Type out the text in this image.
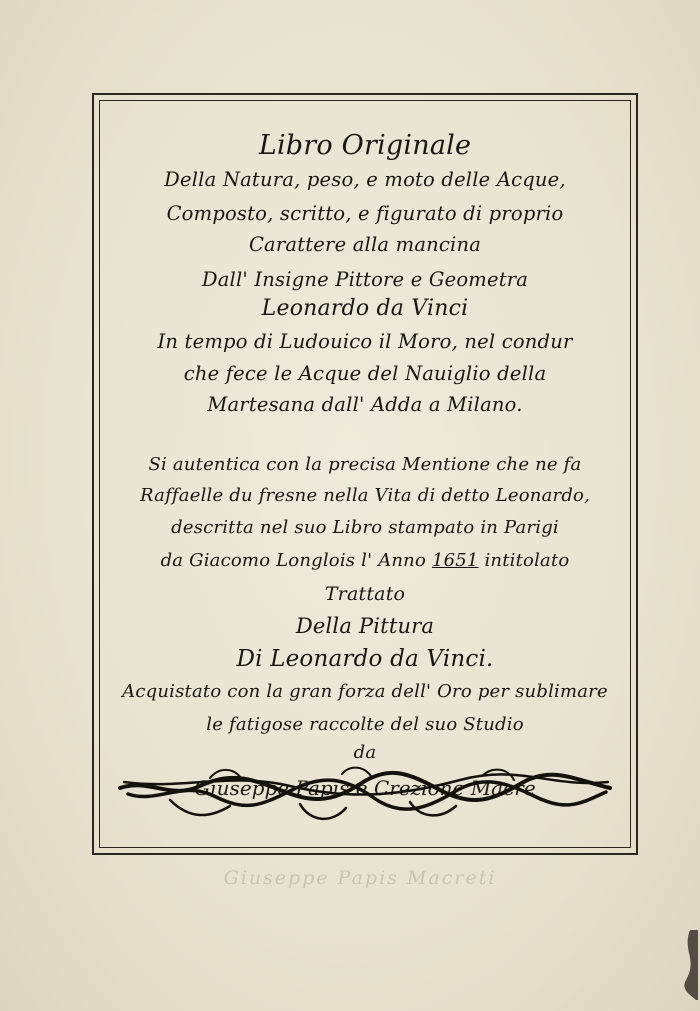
Libro Originale
Della Natura, peso, e moto delle Acque,
Composto, scritto, e figurato di proprio
Carattere alla mancina
Dall' Insigne Pittore e Geometra
Leonardo da Vinci
In tempo di Ludouico il Moro, nel condur
che fece le Acque del Nauiglio della
Martesana dall' Adda a Milano.
Si autentica con la precisa Mentione che ne fa
Raffaelle du fresne nella Vita di detto Leonardo,
descritta nel suo Libro stampato in Parigi
da Giacomo Longlois l' Anno 1651 intitolato
Trattato
Della Pittura
Di Leonardo da Vinci.
Acquistato con la gran forza dell' Oro per sublimare
le fatigose raccolte del suo Studio
da
Giuseppe Papis e Crezione Macre
Giuseppe Papis Macreti
